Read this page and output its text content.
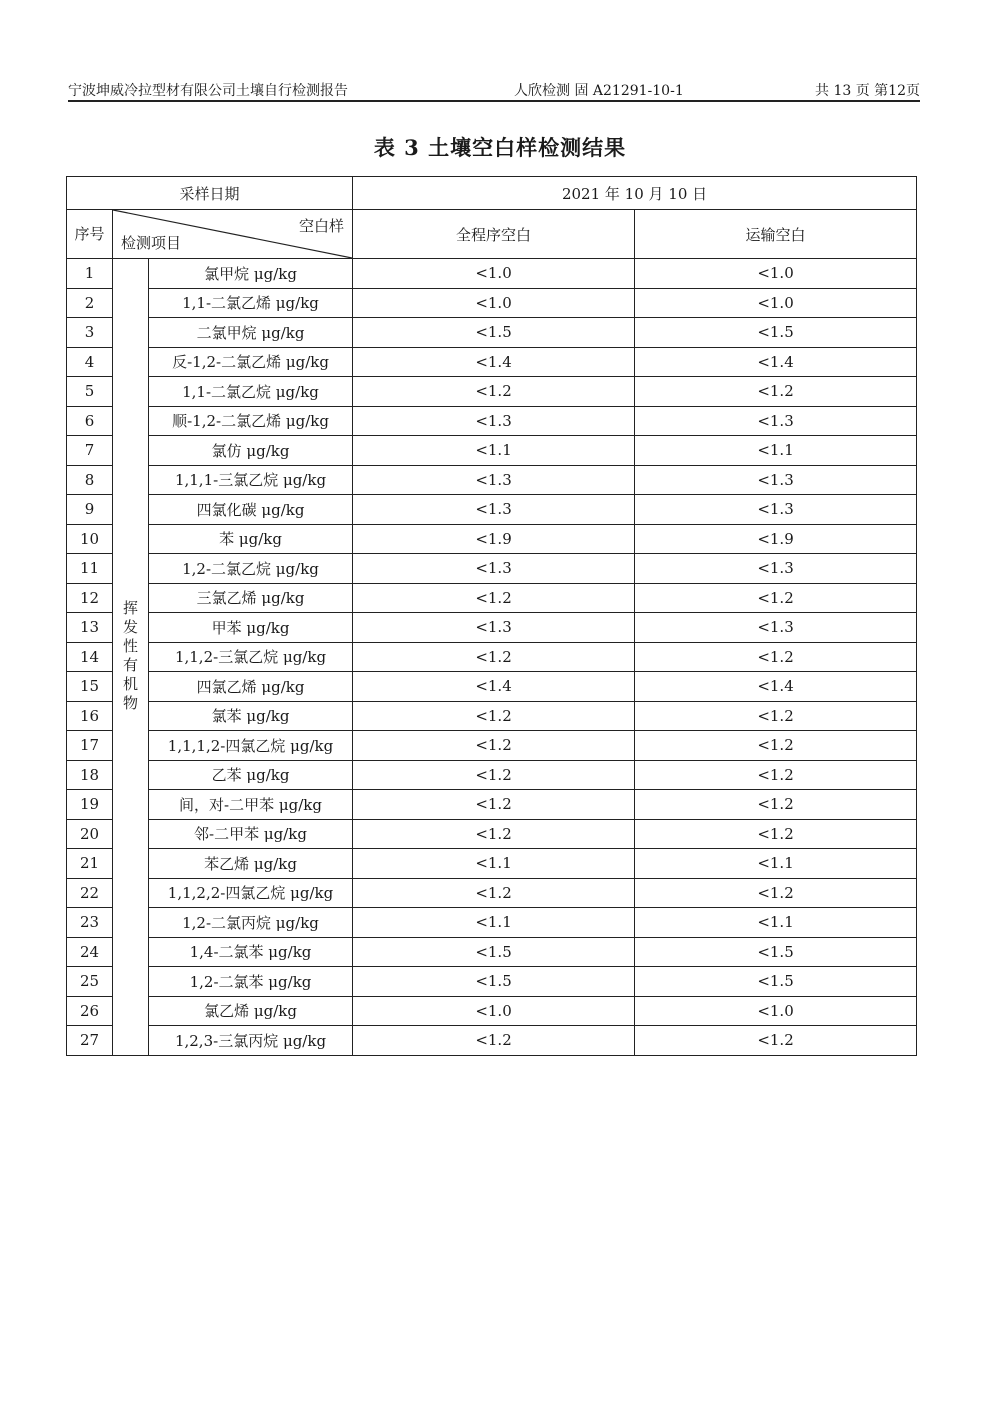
宁波坤威冷拉型材有限公司土壤自行检测报告	人欣检测 固 A21291-10-1	共 13 页 第12页
表 3 土壤空白样检测结果
采样日期			2021 年 10 月 10 日	
序号	空白样
检测项目		全程序空白	运输空白
1	挥发性有机物	氯甲烷 μg/kg	<1.0	<1.0
2		1,1-二氯乙烯 μg/kg	<1.0	<1.0
3		二氯甲烷 μg/kg	<1.5	<1.5
4		反-1,2-二氯乙烯 μg/kg	<1.4	<1.4
5		1,1-二氯乙烷 μg/kg	<1.2	<1.2
6		顺-1,2-二氯乙烯 μg/kg	<1.3	<1.3
7		氯仿 μg/kg	<1.1	<1.1
8		1,1,1-三氯乙烷 μg/kg	<1.3	<1.3
9		四氯化碳 μg/kg	<1.3	<1.3
10		苯 μg/kg	<1.9	<1.9
11		1,2-二氯乙烷 μg/kg	<1.3	<1.3
12		三氯乙烯 μg/kg	<1.2	<1.2
13		甲苯 μg/kg	<1.3	<1.3
14		1,1,2-三氯乙烷 μg/kg	<1.2	<1.2
15		四氯乙烯 μg/kg	<1.4	<1.4
16		氯苯 μg/kg	<1.2	<1.2
17		1,1,1,2-四氯乙烷 μg/kg	<1.2	<1.2
18		乙苯 μg/kg	<1.2	<1.2
19		间，对-二甲苯 μg/kg	<1.2	<1.2
20		邻-二甲苯 μg/kg	<1.2	<1.2
21		苯乙烯 μg/kg	<1.1	<1.1
22		1,1,2,2-四氯乙烷 μg/kg	<1.2	<1.2
23		1,2-二氯丙烷 μg/kg	<1.1	<1.1
24		1,4-二氯苯 μg/kg	<1.5	<1.5
25		1,2-二氯苯 μg/kg	<1.5	<1.5
26		氯乙烯 μg/kg	<1.0	<1.0
27		1,2,3-三氯丙烷 μg/kg	<1.2	<1.2
